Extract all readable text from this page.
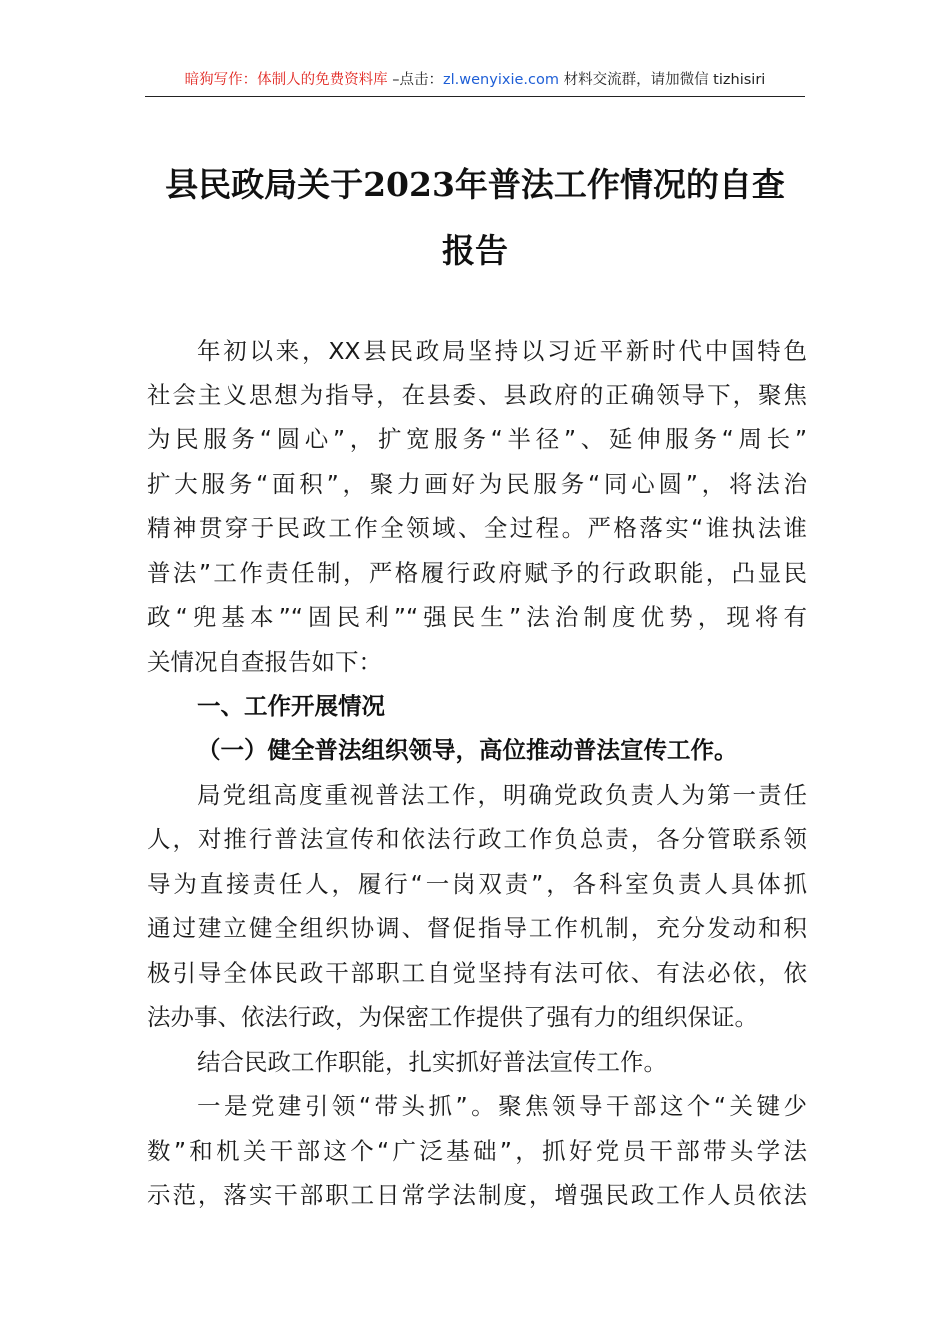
暗狗写作：体制人的免费资料库 –点击：zl.wenyixie.com 材料交流群，请加微信 tizhisiri
县民政局关于2023年普法工作情况的自查
报告

年初以来，XX县民政局坚持以习近平新时代中国特色

社会主义思想为指导，在县委、县政府的正确领导下，聚焦

为民服务“圆心”，扩宽服务“半径”、延伸服务“周长”

扩大服务“面积”，聚力画好为民服务“同心圆”，将法治

精神贯穿于民政工作全领域、全过程。严格落实“谁执法谁

普法”工作责任制，严格履行政府赋予的行政职能，凸显民

政“兜基本”“固民利”“强民生”法治制度优势，现将有

关情况自查报告如下：

一、工作开展情况
（一）健全普法组织领导，高位推动普法宣传工作。

局党组高度重视普法工作，明确党政负责人为第一责任

人，对推行普法宣传和依法行政工作负总责，各分管联系领

导为直接责任人，履行“一岗双责”，各科室负责人具体抓

通过建立健全组织协调、督促指导工作机制，充分发动和积

极引导全体民政干部职工自觉坚持有法可依、有法必依，依

法办事、依法行政，为保密工作提供了强有力的组织保证。

结合民政工作职能，扎实抓好普法宣传工作。

一是党建引领“带头抓”。聚焦领导干部这个“关键少

数”和机关干部这个“广泛基础”，抓好党员干部带头学法

示范，落实干部职工日常学法制度，增强民政工作人员依法
